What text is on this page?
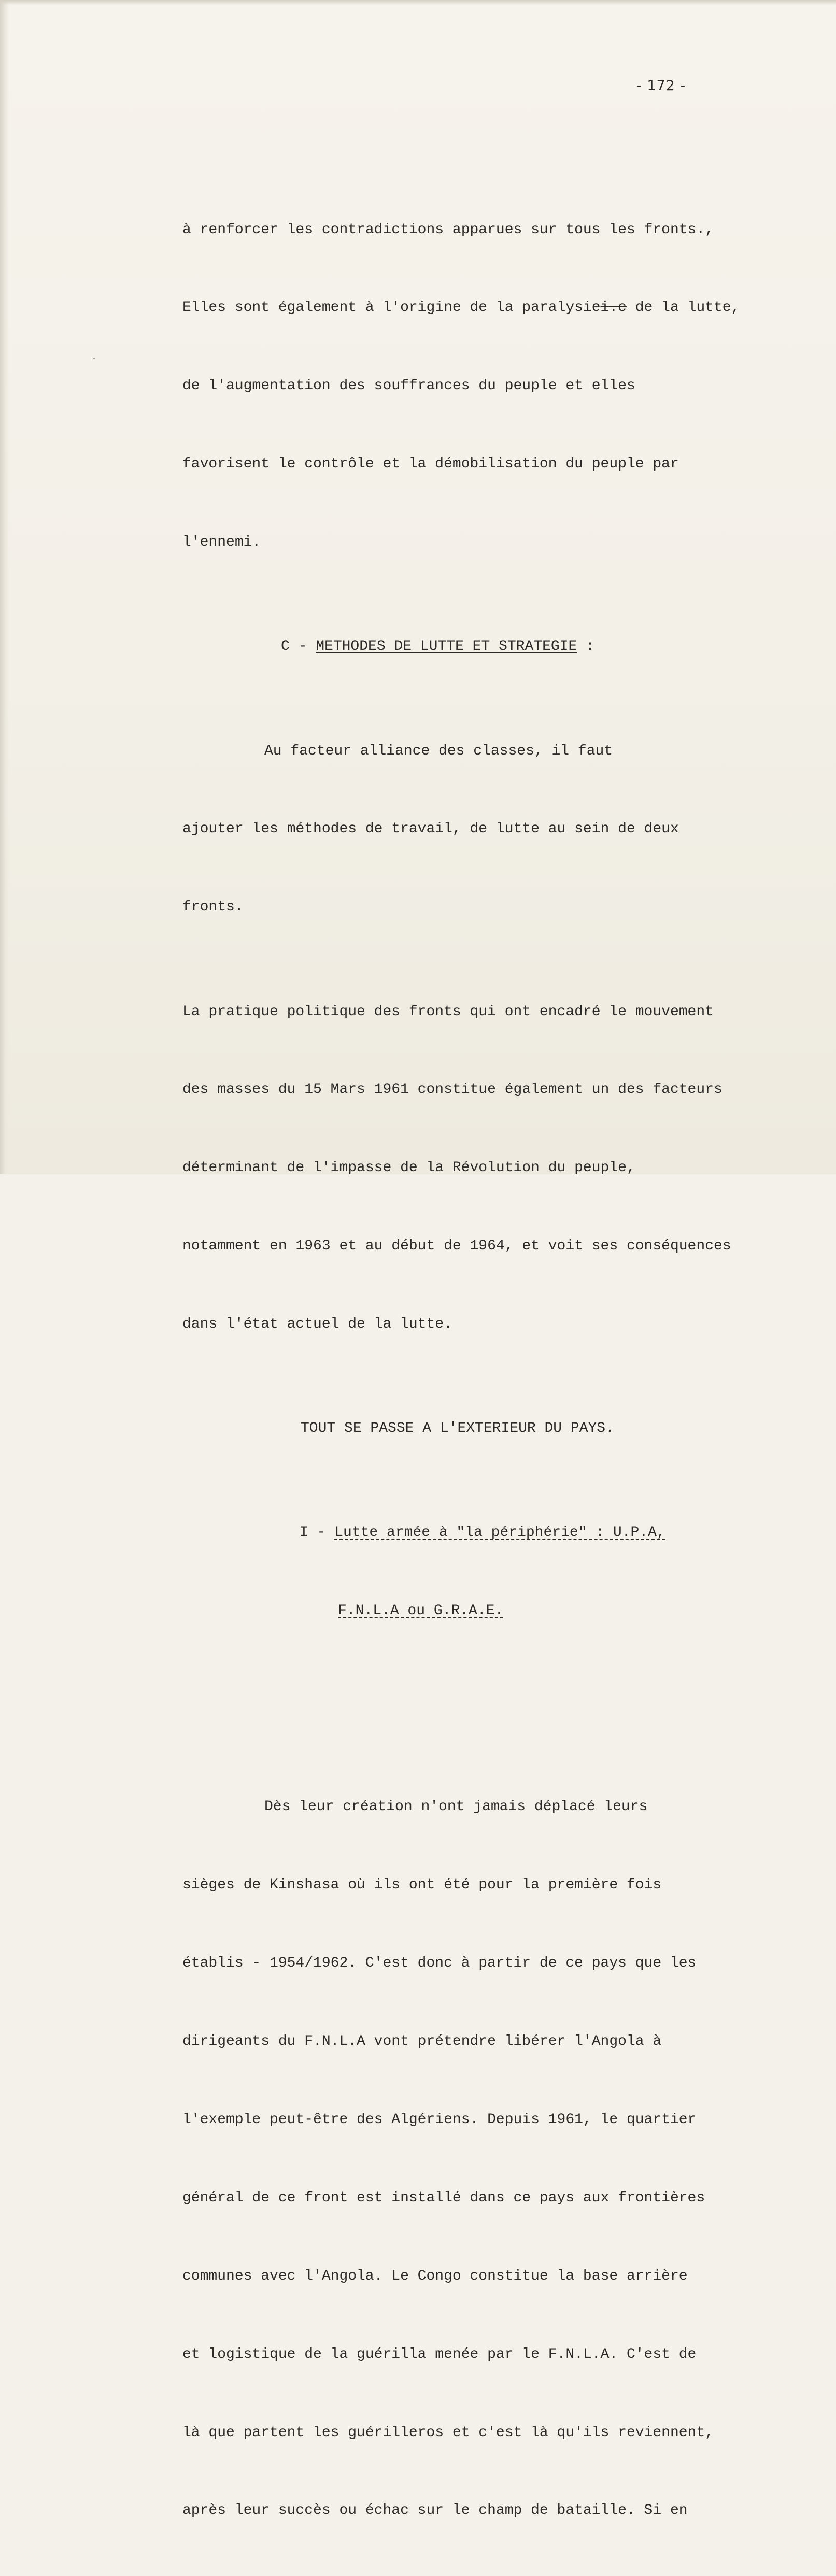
- 172 -

à renforcer les contradictions apparues sur tous les fronts.,

Elles sont également à l'origine de la paralysiei.c de la lutte,

de l'augmentation des souffrances du peuple et elles

favorisent le contrôle et la démobilisation du peuple par

l'ennemi.

C - METHODES DE LUTTE ET STRATEGIE :

Au facteur alliance des classes, il faut

ajouter les méthodes de travail, de lutte au sein de deux

fronts.

La pratique politique des fronts qui ont encadré le mouvement

des masses du 15 Mars 1961 constitue également un des facteurs

déterminant de l'impasse de la Révolution du peuple,

notamment en 1963 et au début de 1964, et voit ses conséquences

dans l'état actuel de la lutte.

TOUT SE PASSE A L'EXTERIEUR DU PAYS.

I - Lutte armée à "la périphérie" : U.P.A,

F.N.L.A ou G.R.A.E.

Dès leur création n'ont jamais déplacé leurs

sièges de Kinshasa où ils ont été pour la première fois

établis - 1954/1962. C'est donc à partir de ce pays que les

dirigeants du F.N.L.A vont prétendre libérer l'Angola à

l'exemple peut-être des Algériens. Depuis 1961, le quartier

général de ce front est installé dans ce pays aux frontières

communes avec l'Angola. Le Congo constitue la base arrière

et logistique de la guérilla menée par le F.N.L.A. C'est de

là que partent les guérilleros et c'est là qu'ils reviennent,

après leur succès ou échac sur le champ de bataille. Si en
